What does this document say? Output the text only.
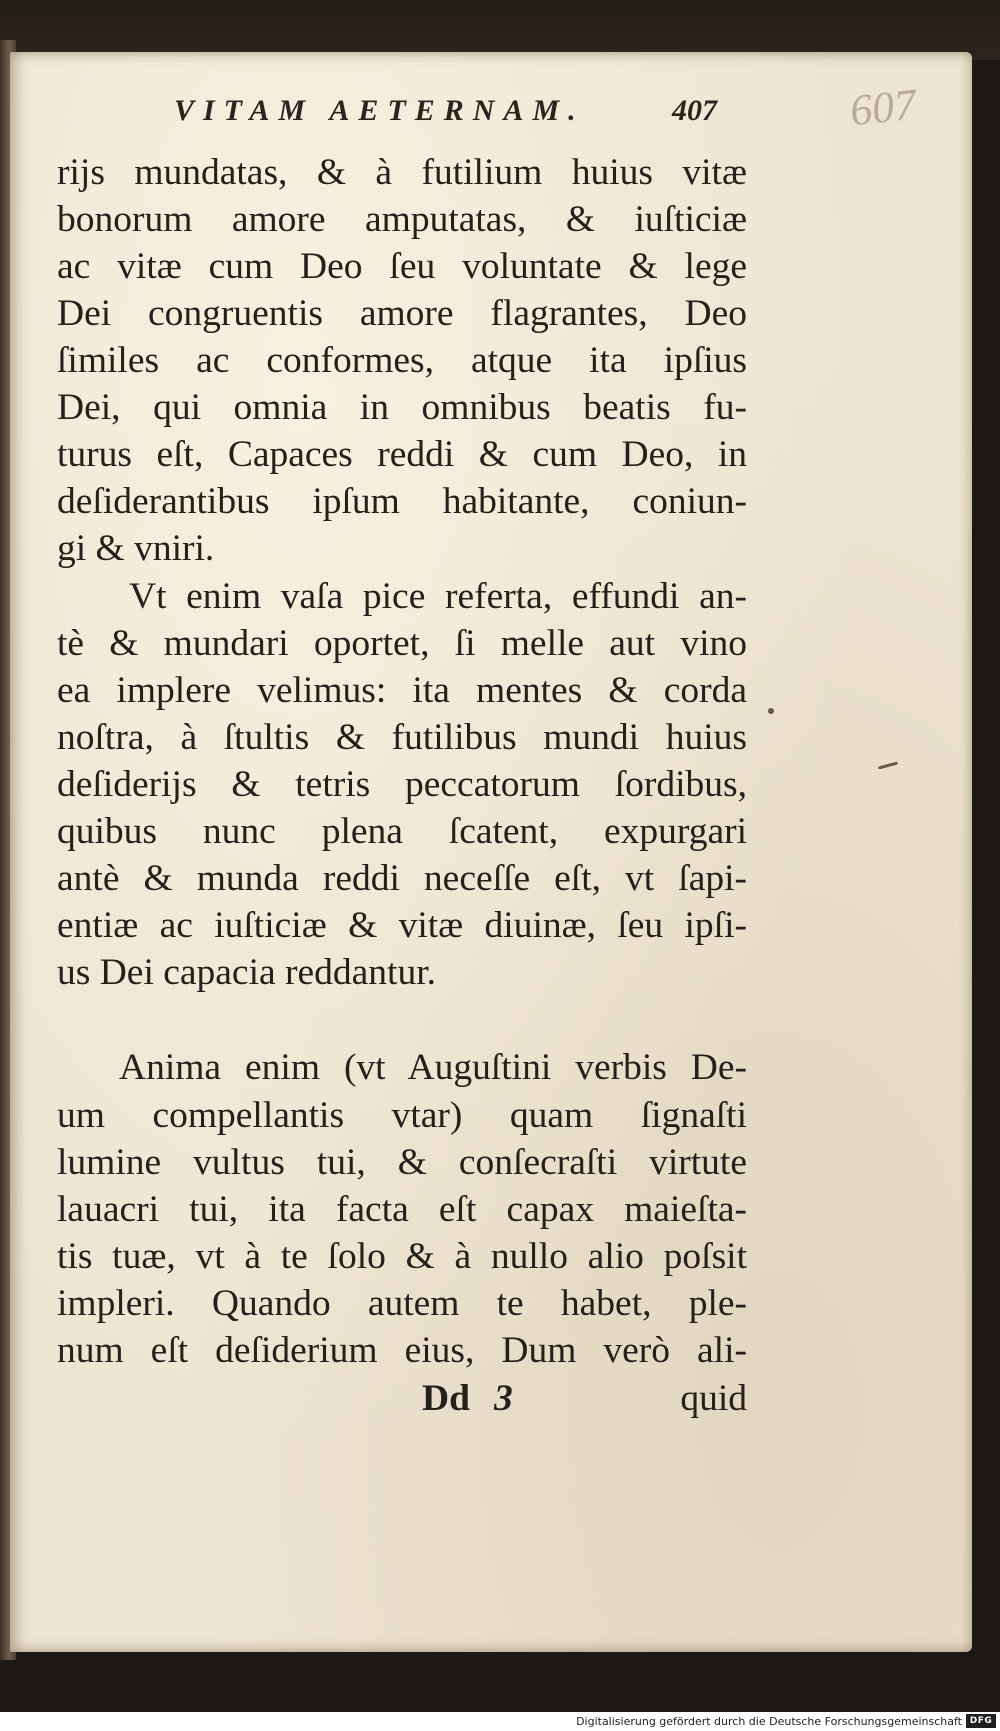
VITAM AETERNAM.	407	607
rijs mundatas, & à futilium huius vitæ
bonorum amore amputatas, & iuſticiæ
ac vitæ cum Deo ſeu voluntate & lege
Dei congruentis amore flagrantes, Deo
ſimiles ac conformes, atque ita ipſius
Dei, qui omnia in omnibus beatis fu-
turus eſt, Capaces reddi & cum Deo, in
deſiderantibus ipſum habitante, coniun-
gi & vniri.
Vt enim vaſa pice referta, effundi an-
tè & mundari oportet, ſi melle aut vino
ea implere velimus: ita mentes & corda
noſtra, à ſtultis & futilibus mundi huius
deſiderijs & tetris peccatorum ſordibus,
quibus nunc plena ſcatent, expurgari
antè & munda reddi neceſſe eſt, vt ſapi-
entiæ ac iuſticiæ & vitæ diuinæ, ſeu ipſi-
us Dei capacia reddantur.
Anima enim (vt Auguſtini verbis De-
um compellantis vtar) quam ſignaſti
lumine vultus tui, & conſecraſti virtute
lauacri tui, ita facta eſt capax maieſta-
tis tuæ, vt à te ſolo & à nullo alio poſsit
impleri. Quando autem te habet, ple-
num eſt deſiderium eius, Dum verò ali-
Dd 3	quid
Digitalisierung gefördert durch die Deutsche Forschungsgemeinschaft DFG
